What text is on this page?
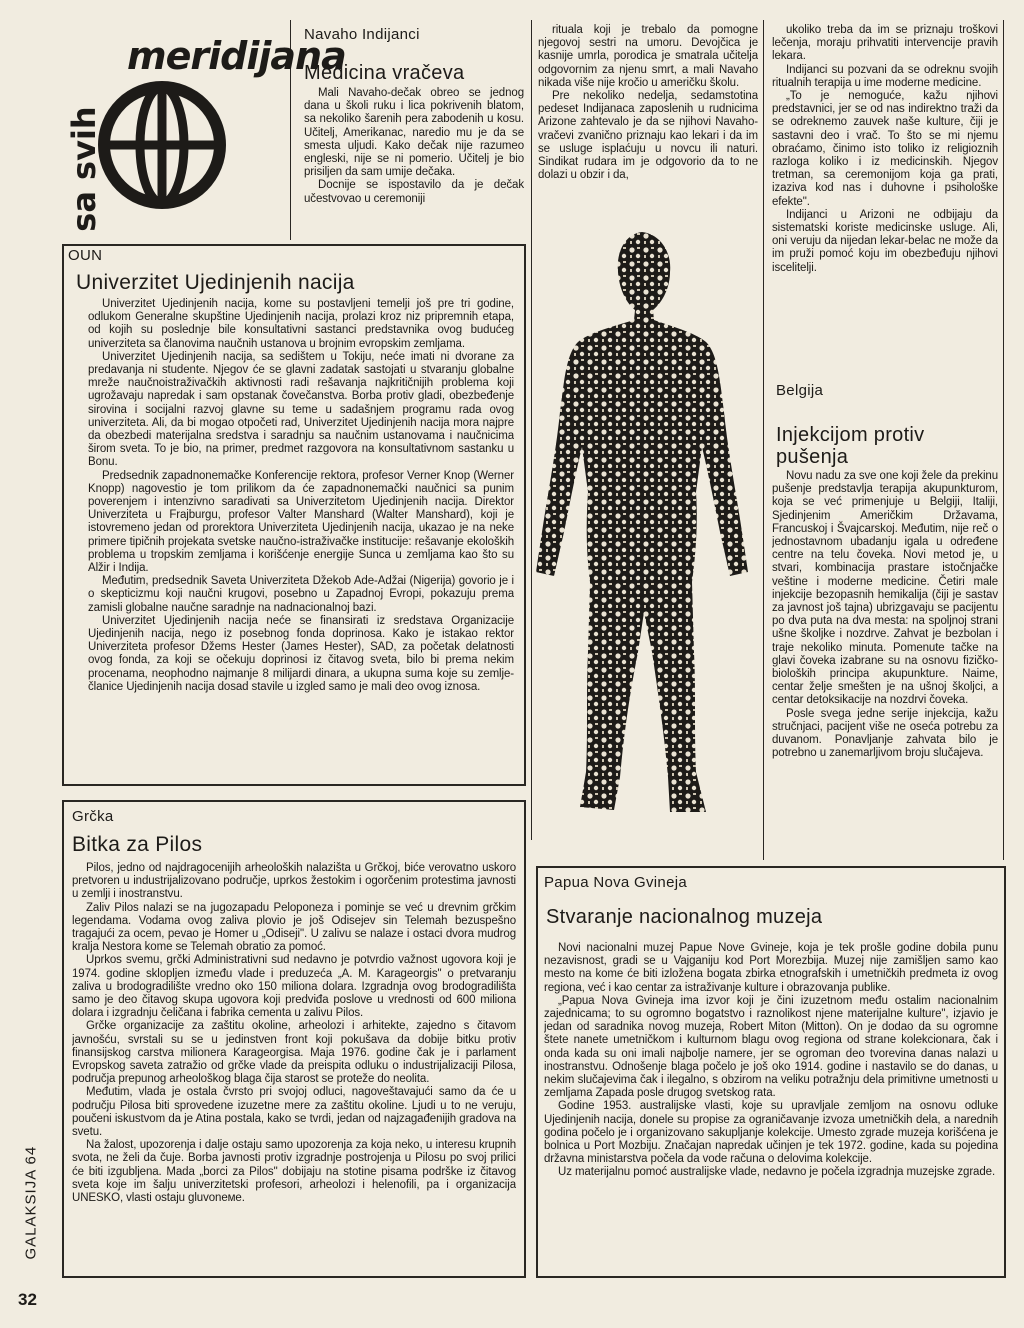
meridijana
sa svih
Navaho Indijanci
Medicina vračeva

Mali Navaho-dečak obreo se jednog dana u školi ruku i lica pokrivenih blatom, sa nekoliko šarenih pera zabodenih u kosu. Učitelj, Amerikanac, naredio mu je da se smesta uljudi. Kako dečak nije razumeo engleski, nije se ni pomerio. Učitelj je bio prisiljen da sam umije dečaka.

Docnije se ispostavilo da je dečak učestvovao u ceremoniji

rituala koji je trebalo da pomogne njegovoj sestri na umoru. Devojčica je kasnije umrla, porodica je smatrala učitelja odgovornim za njenu smrt, a mali Navaho nikada više nije kročio u američku školu.

Pre nekoliko nedelja, sedamstotina pedeset Indijanaca zaposlenih u rudnicima Arizone zahtevalo je da se njihovi Navaho-vračevi zvanično priznaju kao lekari i da im se usluge isplaćuju u novcu ili naturi. Sindikat rudara im je odgovorio da to ne dolazi u obzir i da,

ukoliko treba da im se priznaju troškovi lečenja, moraju prihvatiti intervencije pravih lekara.

Indijanci su pozvani da se odreknu svojih ritualnih terapija u ime moderne medicine.

„To je nemoguće, kažu njihovi predstavnici, jer se od nas indirektno traži da se odreknemo zauvek naše kulture, čiji je sastavni deo i vrač. To što se mi njemu obraćamo, činimo isto toliko iz religioznih razloga koliko i iz medicinskih. Njegov tretman, sa ceremonijom koja ga prati, izaziva kod nas i duhovne i psihološke efekte".

Indijanci u Arizoni ne odbijaju da sistematski koriste medicinske usluge. Ali, oni veruju da nijedan lekar-belac ne može da im pruži pomoć koju im obezbeđuju njihovi iscelitelji.

OUN
Univerzitet Ujedinjenih nacija

Univerzitet Ujedinjenih nacija, kome su postavljeni temelji još pre tri godine, odlukom Generalne skupštine Ujedinjenih nacija, prolazi kroz niz pripremnih etapa, od kojih su poslednje bile konsultativni sastanci predstavnika ovog budućeg univerziteta sa članovima naučnih ustanova u brojnim evropskim zemljama.

Univerzitet Ujedinjenih nacija, sa sedištem u Tokiju, neće imati ni dvorane za predavanja ni studente. Njegov će se glavni zadatak sastojati u stvaranju globalne mreže naučnoistraživačkih aktivnosti radi rešavanja najkritičnijih problema koji ugrožavaju napredak i sam opstanak čovečanstva. Borba protiv gladi, obezbeđenje sirovina i socijalni razvoj glavne su teme u sadašnjem programu rada ovog univerziteta. Ali, da bi mogao otpočeti rad, Univerzitet Ujedinjenih nacija mora najpre da obezbedi materijalna sredstva i saradnju sa naučnim ustanovama i naučnicima širom sveta. To je bio, na primer, predmet razgovora na konsultativnom sastanku u Bonu.

Predsednik zapadnonemačke Konferencije rektora, profesor Verner Knop (Werner Knopp) nagovestio je tom prilikom da će zapadnonemački naučnici sa punim poverenjem i intenzivno saradivati sa Univerzitetom Ujedinjenih nacija. Direktor Univerziteta u Frajburgu, profesor Valter Manshard (Walter Manshard), koji je istovremeno jedan od prorektora Univerziteta Ujedinjenih nacija, ukazao je na neke primere tipičnih projekata svetske naučno-istraživačke institucije: rešavanje ekoloških problema u tropskim zemljama i korišćenje energije Sunca u zemljama kao što su Alžir i Indija.

Međutim, predsednik Saveta Univerziteta Džekob Ade-Adžai (Nigerija) govorio je i o skepticizmu koji naučni krugovi, posebno u Zapadnoj Evropi, pokazuju prema zamisli globalne naučne saradnje na nadnacionalnoj bazi.

Univerzitet Ujedinjenih nacija neće se finansirati iz sredstava Organizacije Ujedinjenih nacija, nego iz posebnog fonda doprinosa. Kako je istakao rektor Univerziteta profesor Džems Hester (James Hester), SAD, za početak delatnosti ovog fonda, za koji se očekuju doprinosi iz čitavog sveta, bilo bi prema nekim procenama, neophodno najmanje 8 milijardi dinara, a ukupna suma koje su zemlje-članice Ujedinjenih nacija dosad stavile u izgled samo je mali deo ovog iznosa.

Belgija
Injekcijom protiv
pušenja

Novu nadu za sve one koji žele da prekinu pušenje predstavlja terapija akupunkturom, koja se već primenjuje u Belgiji, Italiji, Sjedinjenim Američkim Državama, Francuskoj i Švajcarskoj. Međutim, nije reč o jednostavnom ubadanju igala u određene centre na telu čoveka. Novi metod je, u stvari, kombinacija prastare istočnjačke veštine i moderne medicine. Četiri male injekcije bezopasnih hemikalija (čiji je sastav za javnost još tajna) ubrizgavaju se pacijentu po dva puta na dva mesta: na spoljnoj strani ušne školjke i nozdrve. Zahvat je bezbolan i traje nekoliko minuta. Pomenute tačke na glavi čoveka izabrane su na osnovu fizičko-bioloških principa akupunkture. Naime, centar želje smešten je na ušnoj školjci, a centar detoksikacije na nozdrvi čoveka.

Posle svega jedne serije injekcija, kažu stručnjaci, pacijent više ne oseća potrebu za duvanom. Ponavljanje zahvata bilo je potrebno u zanemarljivom broju slučajeva.

Grčka
Bitka za Pilos

Pilos, jedno od najdragocenijih arheoloških nalazišta u Grčkoj, biće verovatno uskoro pretvoren u industrijalizovano područje, uprkos žestokim i ogorčenim protestima javnosti u zemlji i inostranstvu.

Zaliv Pilos nalazi se na jugozapadu Peloponeza i pominje se već u drevnim grčkim legendama. Vodama ovog zaliva plovio je još Odisejev sin Telemah bezuspešno tragajući za ocem, pevao je Homer u „Odiseji". U zalivu se nalaze i ostaci dvora mudrog kralja Nestora kome se Telemah obratio za pomoć.

Uprkos svemu, grčki Administrativni sud nedavno je potvrdio važnost ugovora koji je 1974. godine sklopljen između vlade i preduzeća „A. M. Karageorgis" o pretvaranju zaliva u brodogradilište vredno oko 150 miliona dolara. Izgradnja ovog brodogradilišta samo je deo čitavog skupa ugovora koji predviđa poslove u vrednosti od 600 miliona dolara i izgradnju čeličana i fabrika cementa u zalivu Pilos.

Grčke organizacije za zaštitu okoline, arheolozi i arhitekte, zajedno s čitavom javnošću, svrstali su se u jedinstven front koji pokušava da dobije bitku protiv finansijskog carstva milionera Karageorgisa. Maja 1976. godine čak je i parlament Evropskog saveta zatražio od grčke vlade da preispita odluku o industrijalizaciji Pilosa, područja prepunog arheološkog blaga čija starost se proteže do neolita.

Međutim, vlada je ostala čvrsto pri svojoj odluci, nagoveštavajući samo da će u području Pilosa biti sprovedene izuzetne mere za zaštitu okoline. Ljudi u to ne veruju, poučeni iskustvom da je Atina postala, kako se tvrdi, jedan od najzagađenijih gradova na svetu.

Na žalost, upozorenja i dalje ostaju samo upozorenja za koja neko, u interesu krupnih svota, ne želi da čuje. Borba javnosti protiv izgradnje postrojenja u Pilosu po svoj prilici će biti izgubljena. Mada „borci za Pilos" dobijaju na stotine pisama podrške iz čitavog sveta koje im šalju univerzitetski profesori, arheolozi i helenofili, pa i organizacija UNESKO, vlasti ostaju gluvonеме.

Papua Nova Gvineja
Stvaranje nacionalnog muzeja

Novi nacionalni muzej Papue Nove Gvineje, koja je tek prošle godine dobila punu nezavisnost, gradi se u Vajganiju kod Port Morezbija. Muzej nije zamišljen samo kao mesto na kome će biti izložena bogata zbirka etnografskih i umetničkih predmeta iz ovog regiona, već i kao centar za istraživanje kulture i obrazovanja publike.

„Papua Nova Gvineja ima izvor koji je čini izuzetnom među ostalim nacionalnim zajednicama; to su ogromno bogatstvo i raznolikost njene materijalne kulture", izjavio je jedan od saradnika novog muzeja, Robert Miton (Mitton). On je dodao da su ogromne štete nanete umetničkom i kulturnom blagu ovog regiona od strane kolekcionara, čak i onda kada su oni imali najbolje namere, jer se ogroman deo tvorevina danas nalazi u inostranstvu. Odnošenje blaga počelo je još oko 1914. godine i nastavilo se do danas, u nekim slučajevima čak i ilegalno, s obzirom na veliku potražnju dela primitivne umetnosti u zemljama Zapada posle drugog svetskog rata.

Godine 1953. australijske vlasti, koje su upravljale zemljom na osnovu odluke Ujedinjenih nacija, donele su propise za ograničavanje izvoza umetničkih dela, a narednih godina počelo je i organizovano sakupljanje kolekcije. Umesto zgrade muzeja korišćena je bolnica u Port Mozbiju. Značajan napredak učinjen je tek 1972. godine, kada su pojedina državna ministarstva počela da vode računa o delovima kolekcije.

Uz materijalnu pomoć australijske vlade, nedavno je počela izgradnja muzejske zgrade.

GALAKSIJA 64
32
